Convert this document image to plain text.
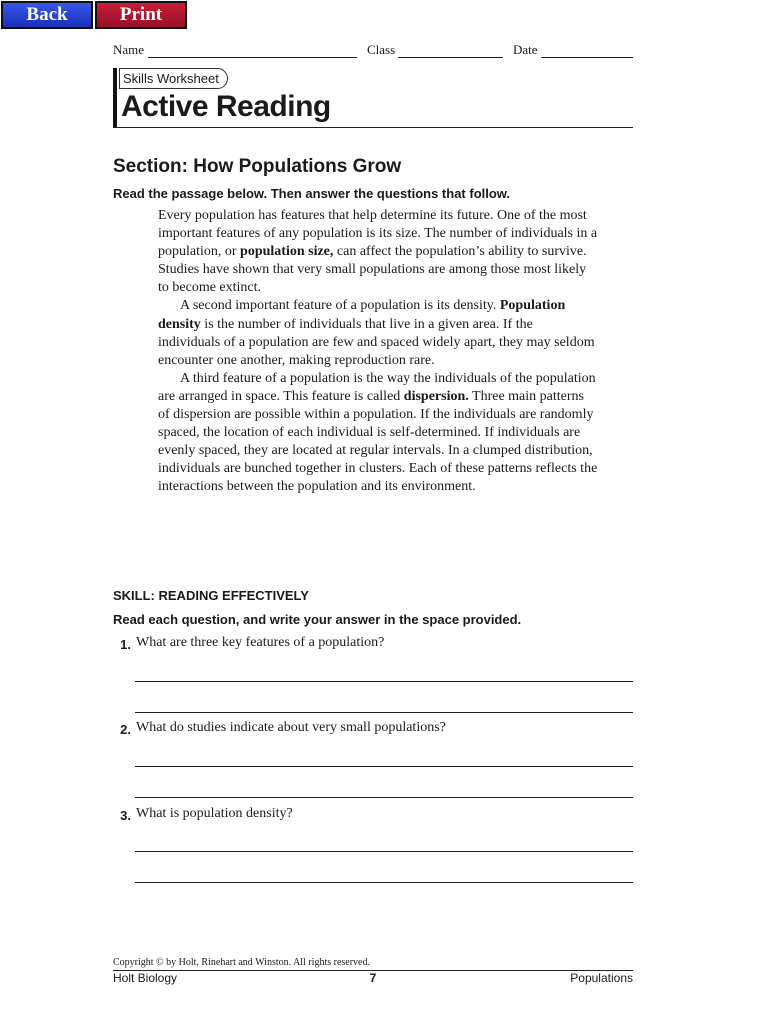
Back	Print
Name	Class	Date
Skills Worksheet
Active Reading
Section: How Populations Grow
Read the passage below. Then answer the questions that follow.

Every population has features that help determine its future. One of the most important features of any population is its size. The number of individuals in a population, or population size, can affect the population’s ability to survive. Studies have shown that very small populations are among those most likely to become extinct.

A second important feature of a population is its density. Population density is the number of individuals that live in a given area. If the individuals of a population are few and spaced widely apart, they may seldom encounter one another, making reproduction rare.

A third feature of a population is the way the individuals of the population are arranged in space. This feature is called dispersion. Three main patterns of dispersion are possible within a population. If the individuals are randomly spaced, the location of each individual is self-determined. If individuals are evenly spaced, they are located at regular intervals. In a clumped distribution, individuals are bunched together in clusters. Each of these patterns reflects the interactions between the population and its environment.

SKILL: READING EFFECTIVELY
Read each question, and write your answer in the space provided.
1. What are three key features of a population?
2. What do studies indicate about very small populations?
3. What is population density?
Copyright © by Holt, Rinehart and Winston. All rights reserved.
Holt Biology	7	Populations
